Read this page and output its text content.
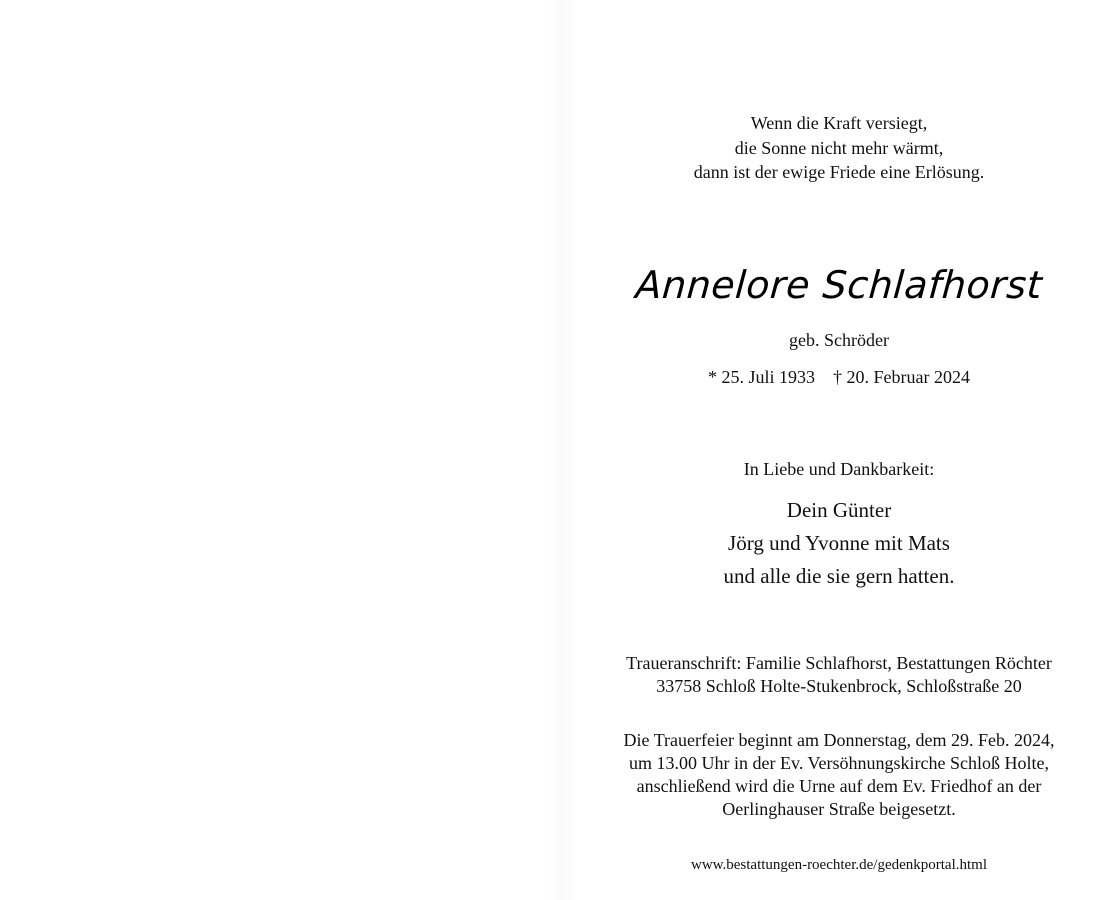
Wenn die Kraft versiegt,
die Sonne nicht mehr wärmt,
dann ist der ewige Friede eine Erlösung.
Annelore Schlafhorst
geb. Schröder
* 25. Juli 1933    † 20. Februar 2024
In Liebe und Dankbarkeit:
Dein Günter
Jörg und Yvonne mit Mats
und alle die sie gern hatten.
Traueranschrift: Familie Schlafhorst, Bestattungen Röchter
33758 Schloß Holte-Stukenbrock, Schloßstraße 20
Die Trauerfeier beginnt am Donnerstag, dem 29. Feb. 2024,
um 13.00 Uhr in der Ev. Versöhnungskirche Schloß Holte,
anschließend wird die Urne auf dem Ev. Friedhof an der
Oerlinghauser Straße beigesetzt.
www.bestattungen-roechter.de/gedenkportal.html
